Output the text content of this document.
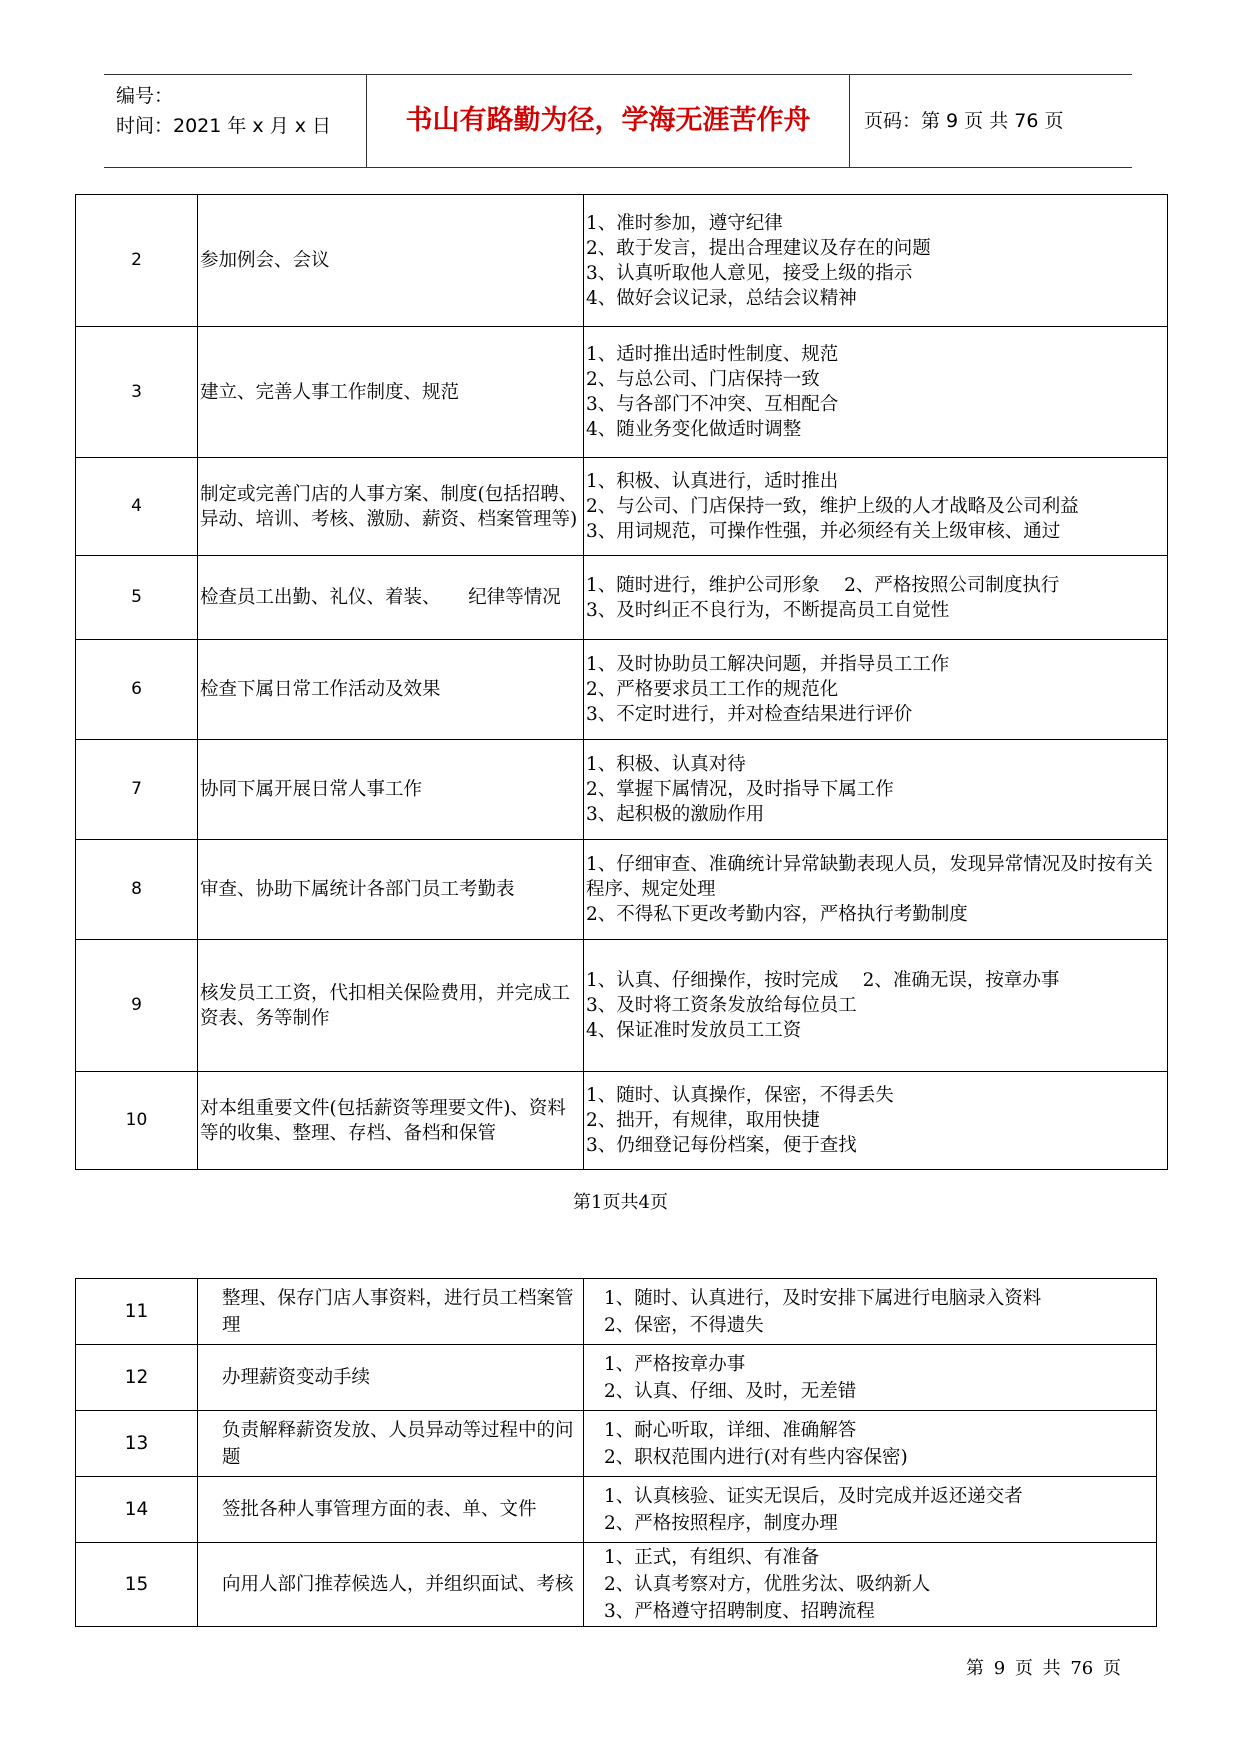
编号：
时间：2021 年 x 月 x 日	书山有路勤为径，学海无涯苦作舟	页码：第 9 页 共 76 页
2	参加例会、会议	1、准时参加，遵守纪律
2、敢于发言，提出合理建议及存在的问题
3、认真听取他人意见，接受上级的指示
4、做好会议记录，总结会议精神

3	建立、完善人事工作制度、规范	1、适时推出适时性制度、规范
2、与总公司、门店保持一致
3、与各部门不冲突、互相配合
4、随业务变化做适时调整

4	制定或完善门店的人事方案、制度(包括招聘、异动、培训、考核、激励、薪资、档案管理等)	1、积极、认真进行，适时推出
2、与公司、门店保持一致，维护上级的人才战略及公司利益
3、用词规范，可操作性强，并必须经有关上级审核、通过

5	检查员工出勤、礼仪、着装、　　纪律等情况	1、随时进行，维护公司形象　 2、严格按照公司制度执行
3、及时纠正不良行为，不断提高员工自觉性

6	检查下属日常工作活动及效果	1、及时协助员工解决问题，并指导员工工作
2、严格要求员工工作的规范化
3、不定时进行，并对检查结果进行评价

7	协同下属开展日常人事工作	1、积极、认真对待
2、掌握下属情况，及时指导下属工作
3、起积极的激励作用

8	审查、协助下属统计各部门员工考勤表	1、仔细审查、准确统计异常缺勤表现人员，发现异常情况及时按有关程序、规定处理
2、不得私下更改考勤内容，严格执行考勤制度

9	核发员工工资，代扣相关保险费用，并完成工资表、务等制作	1、认真、仔细操作，按时完成　 2、准确无误，按章办事
3、及时将工资条发放给每位员工
4、保证准时发放员工工资

10	对本组重要文件(包括薪资等理要文件)、资料等的收集、整理、存档、备档和保管	1、随时、认真操作，保密，不得丢失
2、拙开，有规律，取用快捷
3、仍细登记每份档案，便于查找
第1页共4页
11	整理、保存门店人事资料，进行员工档案管理	1、随时、认真进行，及时安排下属进行电脑录入资料
2、保密，不得遗失

12	办理薪资变动手续	1、严格按章办事
2、认真、仔细、及时，无差错

13	负责解释薪资发放、人员异动等过程中的问题	1、耐心听取，详细、准确解答
2、职权范围内进行(对有些内容保密)

14	签批各种人事管理方面的表、单、文件	1、认真核验、证实无误后，及时完成并返还递交者
2、严格按照程序，制度办理

15	向用人部门推荐候选人，并组织面试、考核	1、正式，有组织、有准备
2、认真考察对方，优胜劣汰、吸纳新人
3、严格遵守招聘制度、招聘流程
第 9 页 共 76 页
